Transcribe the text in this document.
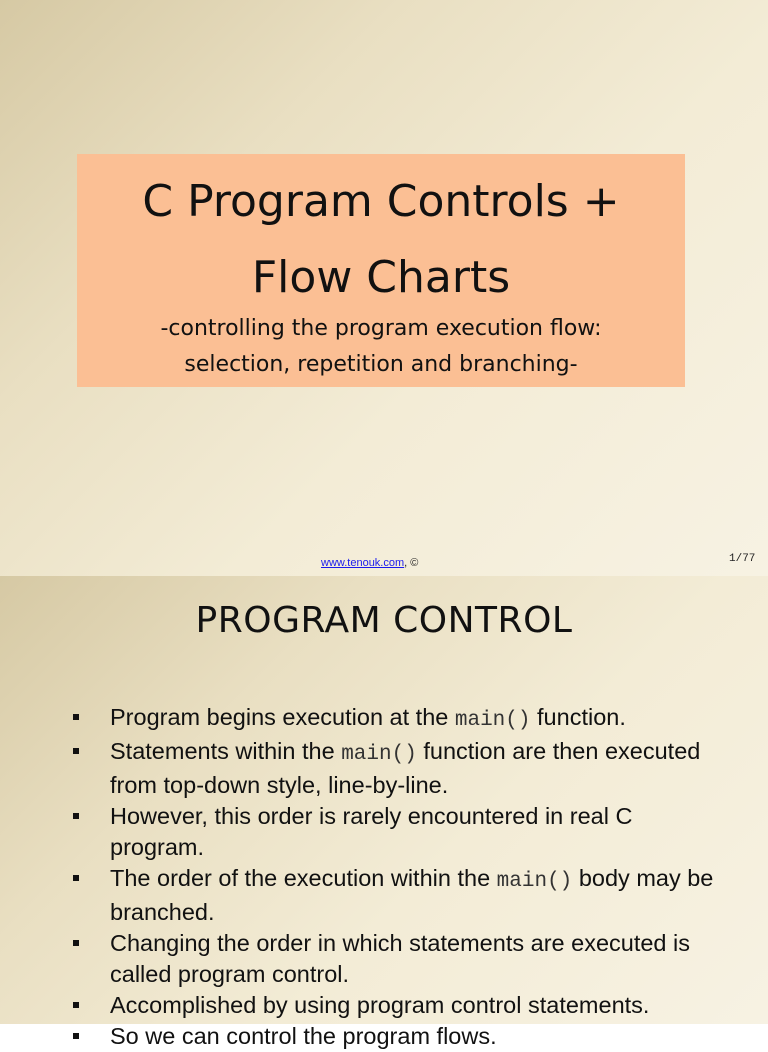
C Program Controls +
Flow Charts

-controlling the program execution flow:
selection, repetition and branching-

www.tenouk.com, ©	1/77
PROGRAM CONTROL
Program begins execution at the main() function.
Statements within the main() function are then executed from top-down style, line-by-line.
However, this order is rarely encountered in real C program.
The order of the execution within the main() body may be branched.
Changing the order in which statements are executed is called program control.
Accomplished by using program control statements.
So we can control the program flows.
